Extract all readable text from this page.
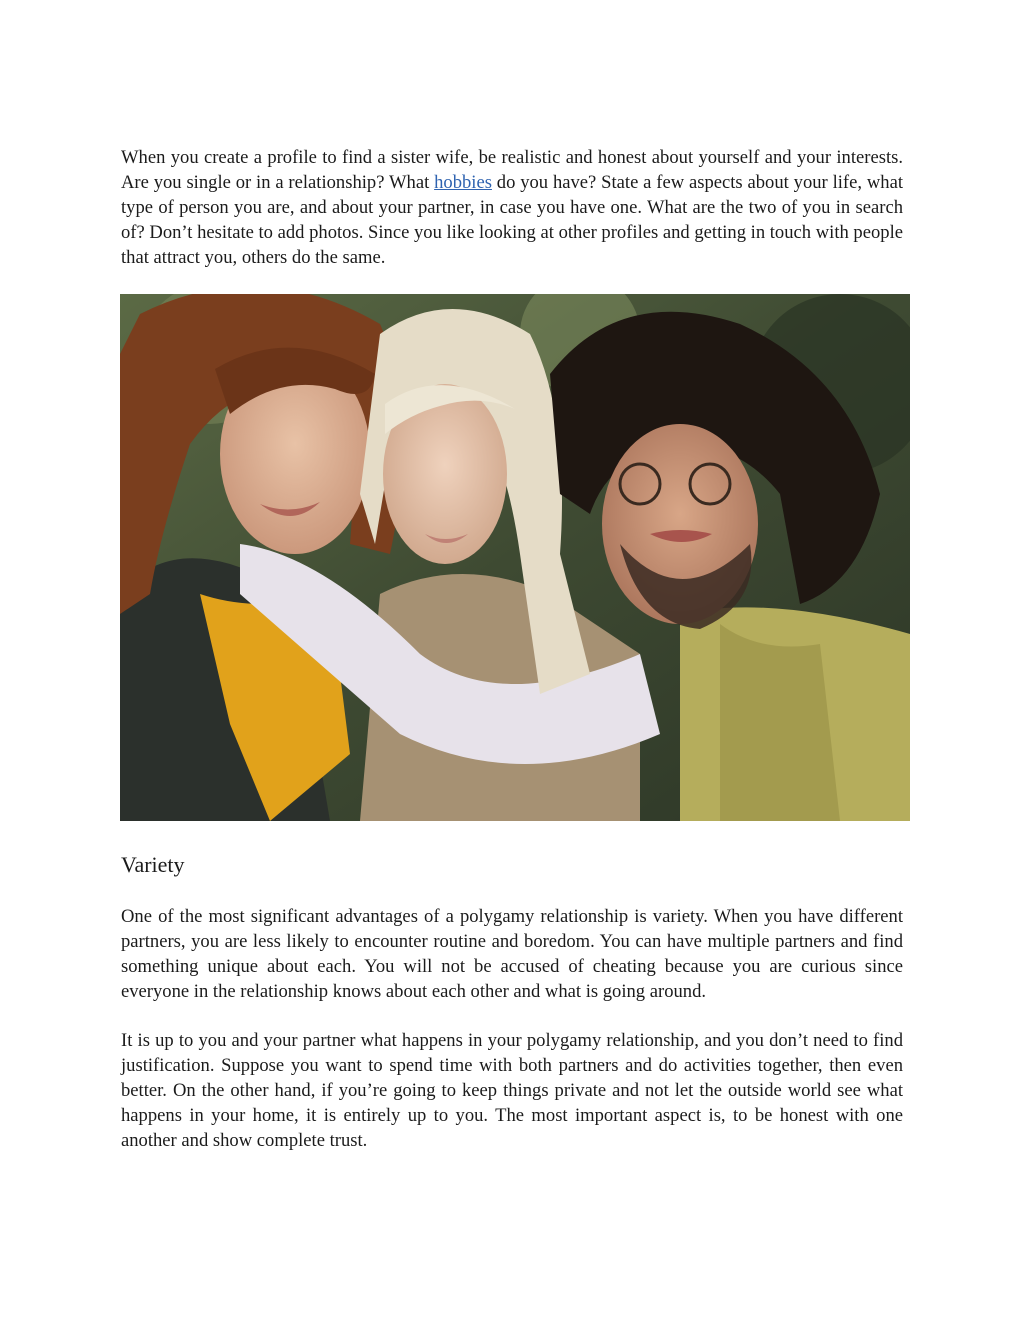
When you create a profile to find a sister wife, be realistic and honest about yourself and your interests. Are you single or in a relationship? What hobbies do you have? State a few aspects about your life, what type of person you are, and about your partner, in case you have one. What are the two of you in search of? Don’t hesitate to add photos. Since you like looking at other profiles and getting in touch with people that attract you, others do the same.

Variety

One of the most significant advantages of a polygamy relationship is variety. When you have different partners, you are less likely to encounter routine and boredom. You can have multiple partners and find something unique about each. You will not be accused of cheating because you are curious since everyone in the relationship knows about each other and what is going around.

It is up to you and your partner what happens in your polygamy relationship, and you don’t need to find justification. Suppose you want to spend time with both partners and do activities together, then even better. On the other hand, if you’re going to keep things private and not let the outside world see what happens in your home, it is entirely up to you. The most important aspect is, to be honest with one another and show complete trust.
